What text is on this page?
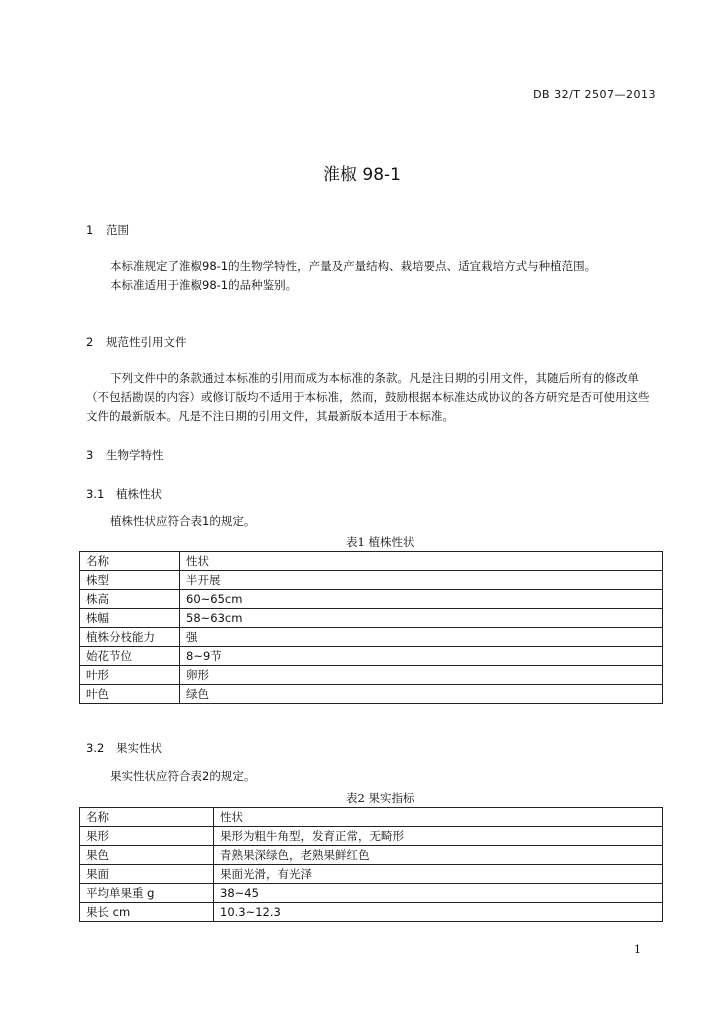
DB 32/T 2507—2013
淮椒 98-1
1 范围

本标准规定了淮椒98-1的生物学特性，产量及产量结构、栽培要点、适宜栽培方式与种植范围。

本标准适用于淮椒98-1的品种鉴别。

2 规范性引用文件

下列文件中的条款通过本标准的引用而成为本标准的条款。凡是注日期的引用文件，其随后所有的修改单（不包括勘误的内容）或修订版均不适用于本标准，然而，鼓励根据本标准达成协议的各方研究是否可使用这些文件的最新版本。凡是不注日期的引用文件，其最新版本适用于本标准。

3 生物学特性
3.1 植株性状

植株性状应符合表1的规定。

表1 植株性状
名称	性状
株型	半开展
株高	60~65cm
株幅	58~63cm
植株分枝能力	强
始花节位	8~9节
叶形	卵形
叶色	绿色
3.2 果实性状

果实性状应符合表2的规定。

表2 果实指标
名称	性状
果形	果形为粗牛角型，发育正常，无畸形
果色	青熟果深绿色，老熟果鲜红色
果面	果面光滑，有光泽
平均单果重 g	38~45
果长 cm	10.3~12.3
1
